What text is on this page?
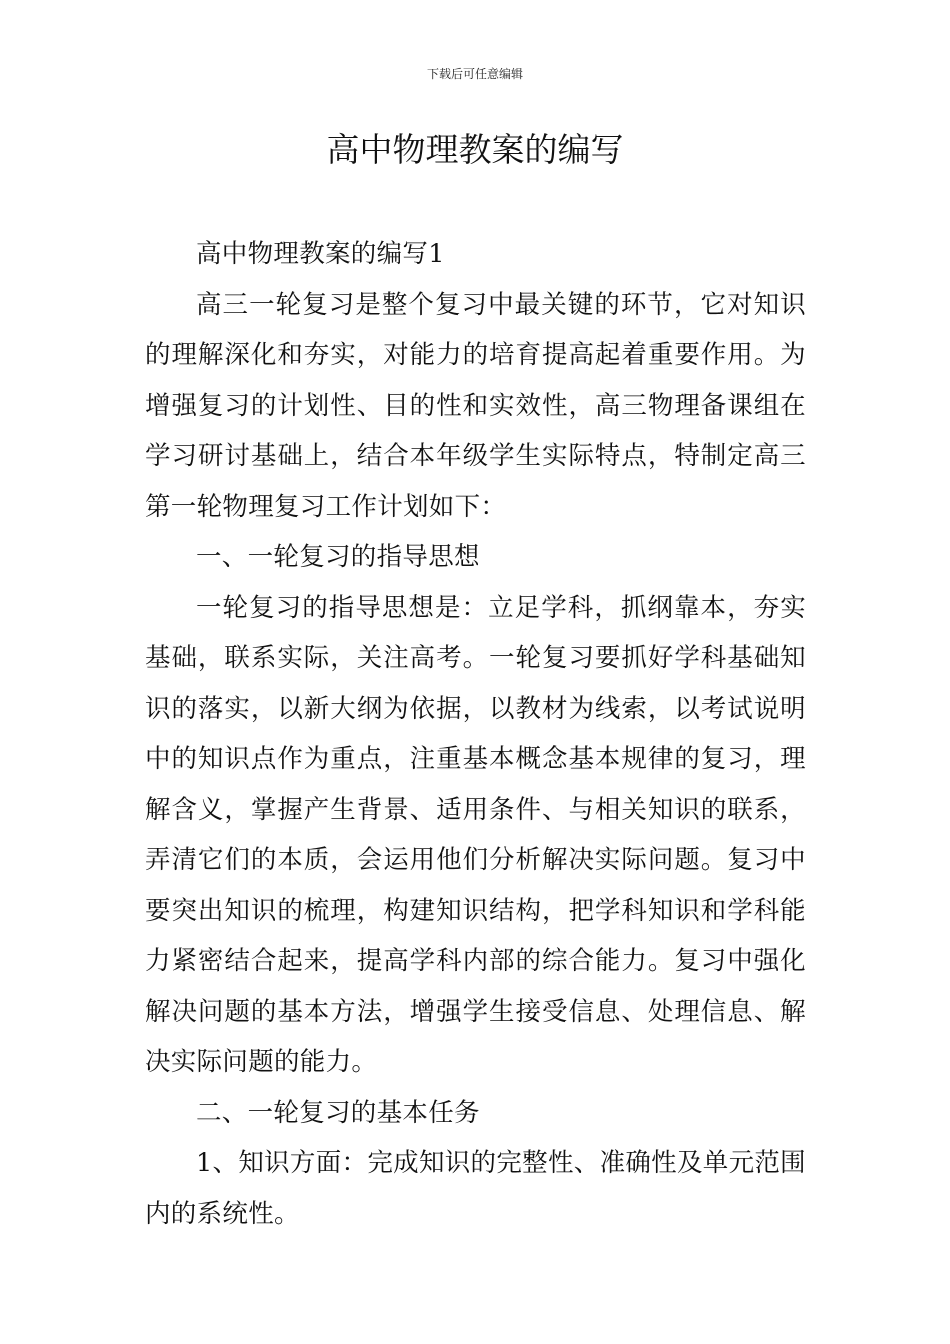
下载后可任意编辑
高中物理教案的编写

高中物理教案的编写1

高三一轮复习是整个复习中最关键的环节，它对知识的理解深化和夯实，对能力的培育提高起着重要作用。为增强复习的计划性、目的性和实效性，高三物理备课组在学习研讨基础上，结合本年级学生实际特点，特制定高三第一轮物理复习工作计划如下：

一、一轮复习的指导思想

一轮复习的指导思想是：立足学科，抓纲靠本，夯实基础，联系实际，关注高考。一轮复习要抓好学科基础知识的落实，以新大纲为依据，以教材为线索，以考试说明中的知识点作为重点，注重基本概念基本规律的复习，理解含义，掌握产生背景、适用条件、与相关知识的联系，弄清它们的本质，会运用他们分析解决实际问题。复习中要突出知识的梳理，构建知识结构，把学科知识和学科能力紧密结合起来，提高学科内部的综合能力。复习中强化解决问题的基本方法，增强学生接受信息、处理信息、解决实际问题的能力。

二、一轮复习的基本任务

1、知识方面：完成知识的完整性、准确性及单元范围内的系统性。
